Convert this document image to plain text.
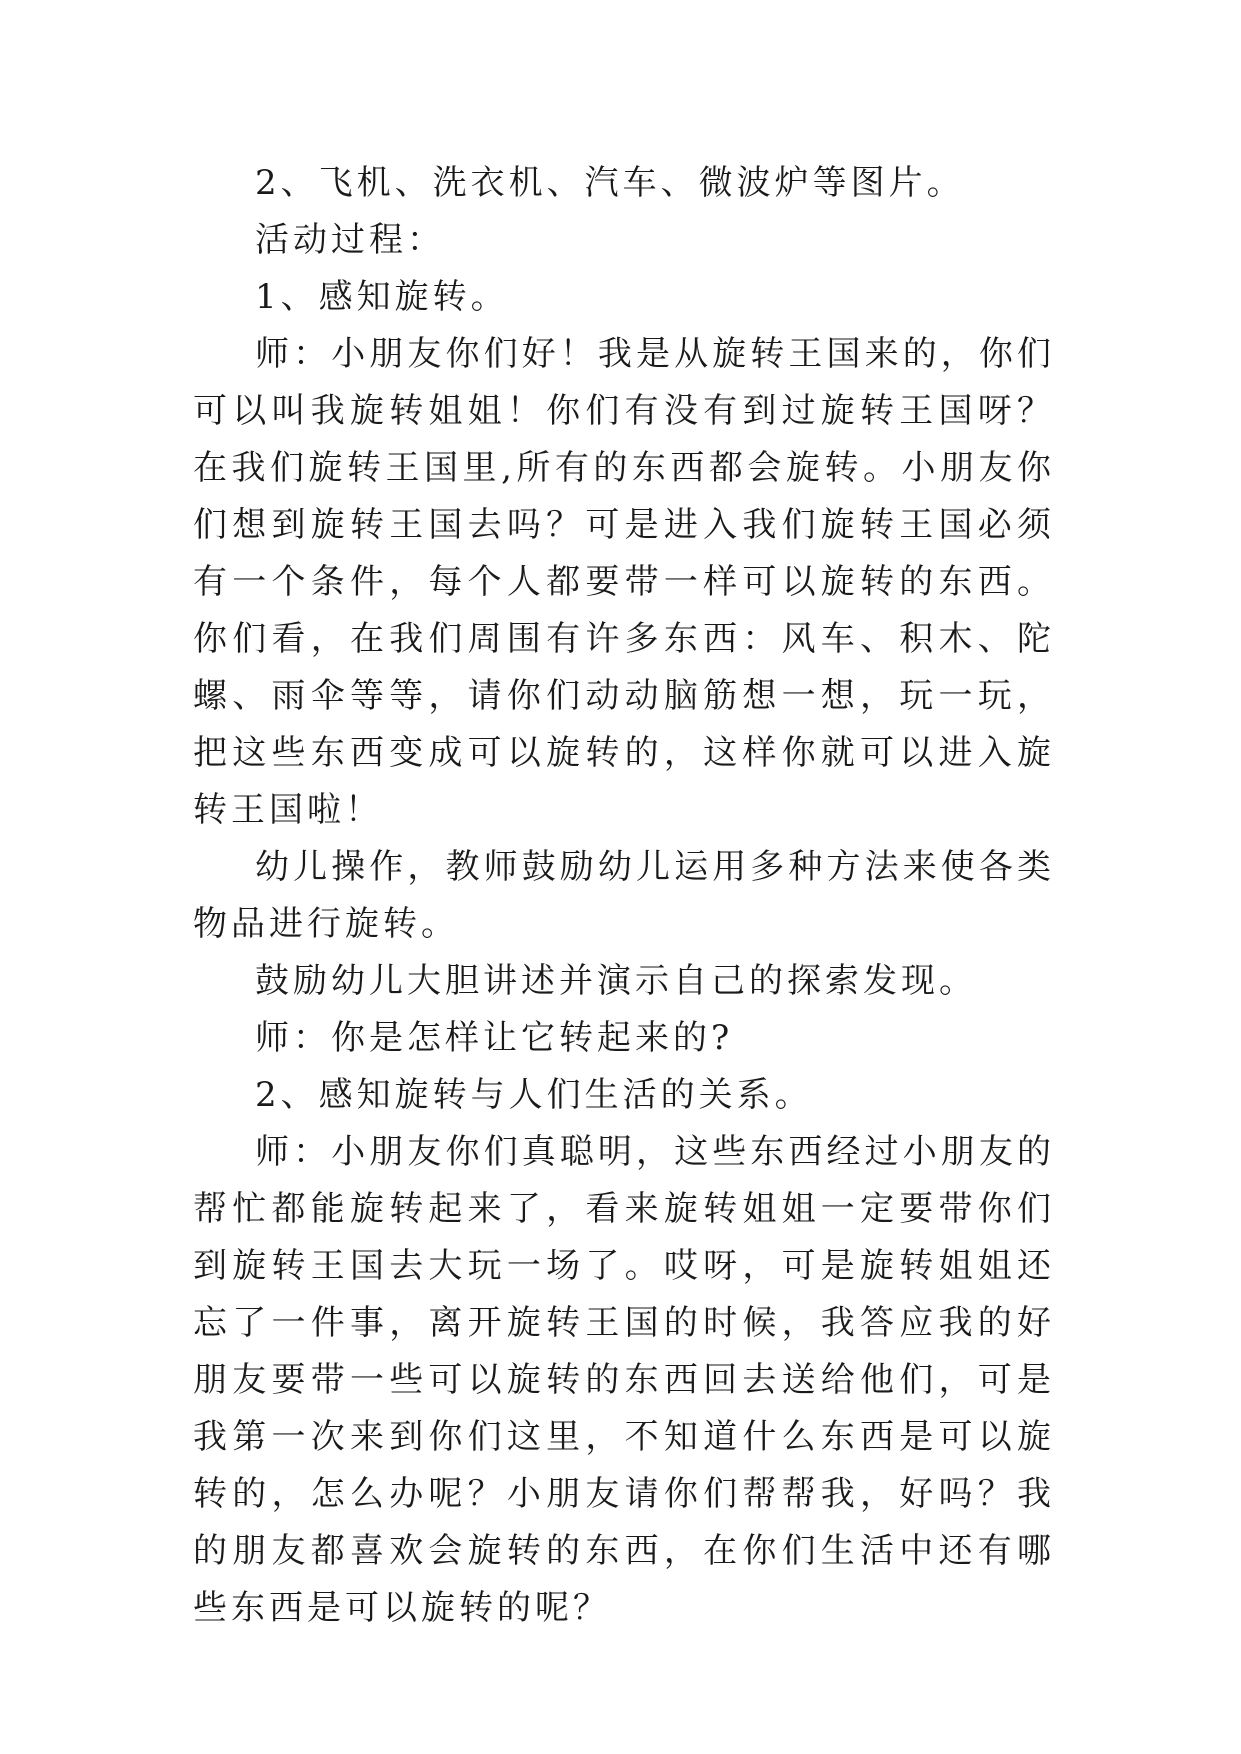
2、飞机、洗衣机、汽车、微波炉等图片。

活动过程：

1、感知旋转。

师：小朋友你们好！我是从旋转王国来的，你们可以叫我旋转姐姐！你们有没有到过旋转王国呀？在我们旋转王国里,所有的东西都会旋转。小朋友你们想到旋转王国去吗？可是进入我们旋转王国必须有一个条件，每个人都要带一样可以旋转的东西。你们看，在我们周围有许多东西：风车、积木、陀螺、雨伞等等，请你们动动脑筋想一想，玩一玩，把这些东西变成可以旋转的，这样你就可以进入旋转王国啦！

幼儿操作，教师鼓励幼儿运用多种方法来使各类物品进行旋转。

鼓励幼儿大胆讲述并演示自己的探索发现。

师：你是怎样让它转起来的?

2、感知旋转与人们生活的关系。

师：小朋友你们真聪明，这些东西经过小朋友的帮忙都能旋转起来了，看来旋转姐姐一定要带你们到旋转王国去大玩一场了。哎呀，可是旋转姐姐还忘了一件事，离开旋转王国的时候，我答应我的好朋友要带一些可以旋转的东西回去送给他们，可是我第一次来到你们这里，不知道什么东西是可以旋转的，怎么办呢？小朋友请你们帮帮我，好吗？我的朋友都喜欢会旋转的东西，在你们生活中还有哪些东西是可以旋转的呢？
